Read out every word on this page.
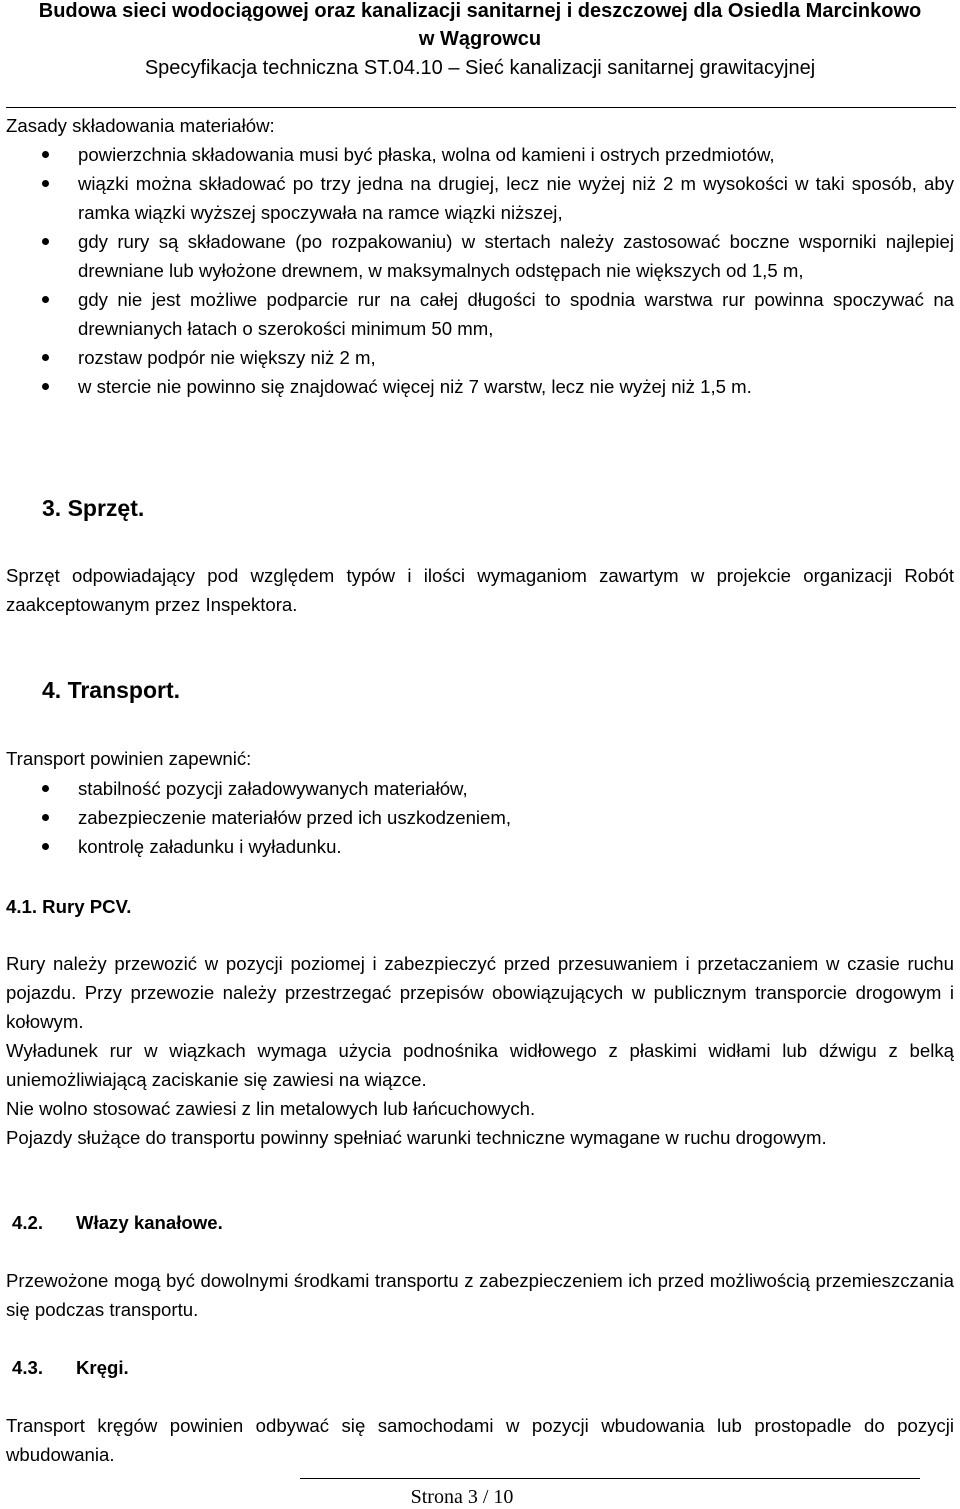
Budowa sieci wodociągowej oraz kanalizacji sanitarnej i deszczowej dla Osiedla Marcinkowo
w Wągrowcu
Specyfikacja techniczna ST.04.10 – Sieć kanalizacji sanitarnej grawitacyjnej

Zasady składowania materiałów:

powierzchnia składowania musi być płaska, wolna od kamieni i ostrych przedmiotów,
wiązki można składować po trzy jedna na drugiej, lecz nie wyżej niż 2 m wysokości w taki sposób, aby ramka wiązki wyższej spoczywała na ramce wiązki niższej,
gdy rury są składowane (po rozpakowaniu) w stertach należy zastosować boczne wsporniki najlepiej drewniane lub wyłożone drewnem, w maksymalnych odstępach nie większych od 1,5 m,
gdy nie jest możliwe podparcie rur na całej długości to spodnia warstwa rur powinna spoczywać na drewnianych łatach o szerokości minimum 50 mm,
rozstaw podpór nie większy niż 2 m,
w stercie nie powinno się znajdować więcej niż 7 warstw, lecz nie wyżej niż 1,5 m.
3. Sprzęt.

Sprzęt odpowiadający pod względem typów i ilości wymaganiom zawartym w projekcie organizacji Robót zaakceptowanym przez Inspektora.

4. Transport.

Transport powinien zapewnić:

stabilność pozycji załadowywanych materiałów,
zabezpieczenie materiałów przed ich uszkodzeniem,
kontrolę załadunku i wyładunku.
4.1. Rury PCV.

Rury należy przewozić w pozycji poziomej i zabezpieczyć przed przesuwaniem i przetaczaniem w czasie ruchu pojazdu. Przy przewozie należy przestrzegać przepisów obowiązujących w publicznym transporcie drogowym i kołowym.

Wyładunek rur w wiązkach wymaga użycia podnośnika widłowego z płaskimi widłami lub dźwigu z belką uniemożliwiającą zaciskanie się zawiesi na wiązce.

Nie wolno stosować zawiesi z lin metalowych lub łańcuchowych.

Pojazdy służące do transportu powinny spełniać warunki techniczne wymagane w ruchu drogowym.

4.2. Włazy kanałowe.

Przewożone mogą być dowolnymi środkami transportu z zabezpieczeniem ich przed możliwością przemieszczania się podczas transportu.

4.3. Kręgi.

Transport kręgów powinien odbywać się samochodami w pozycji wbudowania lub prostopadle do pozycji wbudowania.

Strona 3 / 10
